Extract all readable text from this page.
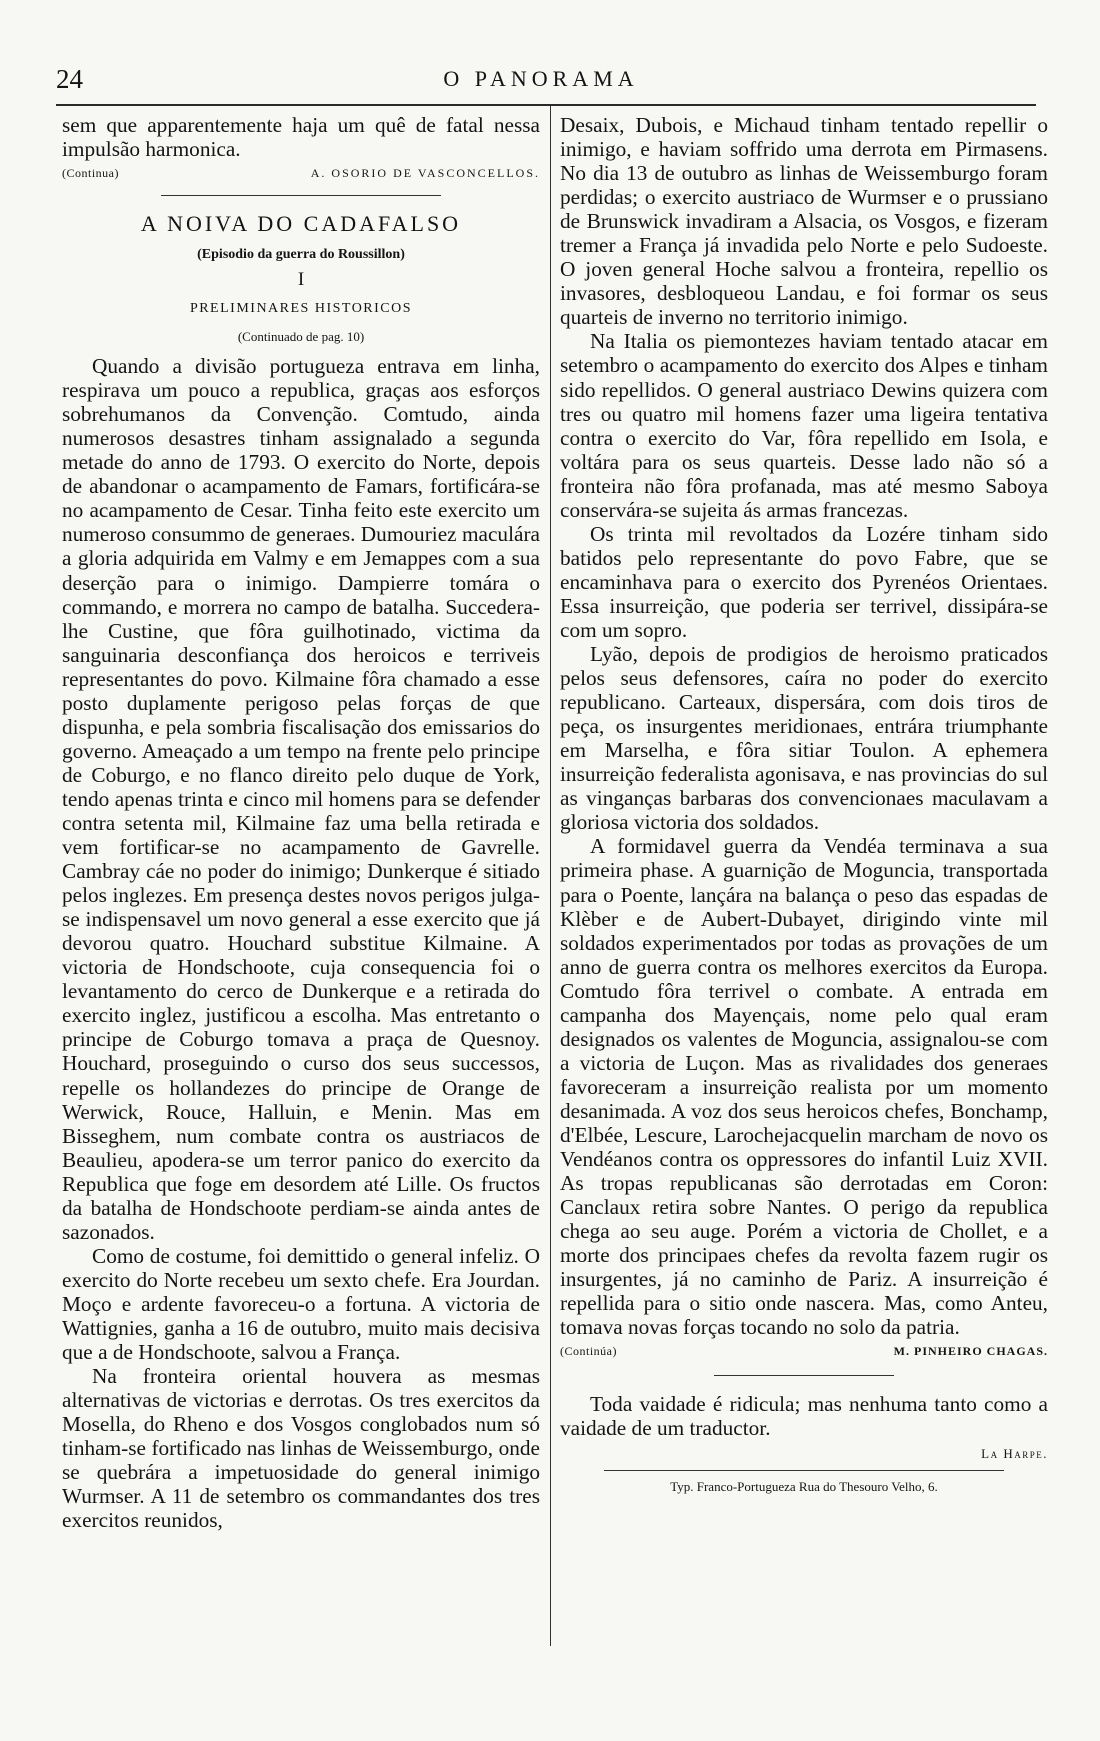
24	O PANORAMA

sem que apparentemente haja um quê de fatal nessa impulsão harmonica.

(Continua)	A. OSORIO DE VASCONCELLOS.
A NOIVA DO CADAFALSO
(Episodio da guerra do Roussillon)
I
PRELIMINARES HISTORICOS
(Continuado de pag. 10)

Quando a divisão portugueza entrava em linha, respirava um pouco a republica, graças aos esforços sobrehumanos da Convenção. Comtudo, ainda numerosos desastres tinham assignalado a segunda metade do anno de 1793. O exercito do Norte, depois de abandonar o acampamento de Famars, fortificára-se no acampamento de Cesar. Tinha feito este exercito um numeroso consummo de generaes. Dumouriez maculára a gloria adquirida em Valmy e em Jemappes com a sua deserção para o inimigo. Dampierre tomára o commando, e morrera no campo de batalha. Succedera-lhe Custine, que fôra guilhotinado, victima da sanguinaria desconfiança dos heroicos e terriveis representantes do povo. Kilmaine fôra chamado a esse posto duplamente perigoso pelas forças de que dispunha, e pela sombria fiscalisação dos emissarios do governo. Ameaçado a um tempo na frente pelo principe de Coburgo, e no flanco direito pelo duque de York, tendo apenas trinta e cinco mil homens para se defender contra setenta mil, Kilmaine faz uma bella retirada e vem fortificar-se no acampamento de Gavrelle. Cambray cáe no poder do inimigo; Dunkerque é sitiado pelos inglezes. Em presença destes novos perigos julga-se indispensavel um novo general a esse exercito que já devorou quatro. Houchard substitue Kilmaine. A victoria de Hondschoote, cuja consequencia foi o levantamento do cerco de Dunkerque e a retirada do exercito inglez, justificou a escolha. Mas entretanto o principe de Coburgo tomava a praça de Quesnoy. Houchard, proseguindo o curso dos seus successos, repelle os hollandezes do principe de Orange de Werwick, Rouce, Halluin, e Menin. Mas em Bisseghem, num combate contra os austriacos de Beaulieu, apodera-se um terror panico do exercito da Republica que foge em desordem até Lille. Os fructos da batalha de Hondschoote perdiam-se ainda antes de sazonados.

Como de costume, foi demittido o general infeliz. O exercito do Norte recebeu um sexto chefe. Era Jourdan. Moço e ardente favoreceu-o a fortuna. A victoria de Wattignies, ganha a 16 de outubro, muito mais decisiva que a de Hondschoote, salvou a França.

Na fronteira oriental houvera as mesmas alternativas de victorias e derrotas. Os tres exercitos da Mosella, do Rheno e dos Vosgos conglobados num só tinham-se fortificado nas linhas de Weissemburgo, onde se quebrára a impetuosidade do general inimigo Wurmser. A 11 de setembro os commandantes dos tres exercitos reunidos,

Desaix, Dubois, e Michaud tinham tentado repellir o inimigo, e haviam soffrido uma derrota em Pirmasens. No dia 13 de outubro as linhas de Weissemburgo foram perdidas; o exercito austriaco de Wurmser e o prussiano de Brunswick invadiram a Alsacia, os Vosgos, e fizeram tremer a França já invadida pelo Norte e pelo Sudoeste. O joven general Hoche salvou a fronteira, repellio os invasores, desbloqueou Landau, e foi formar os seus quarteis de inverno no territorio inimigo.

Na Italia os piemontezes haviam tentado atacar em setembro o acampamento do exercito dos Alpes e tinham sido repellidos. O general austriaco Dewins quizera com tres ou quatro mil homens fazer uma ligeira tentativa contra o exercito do Var, fôra repellido em Isola, e voltára para os seus quarteis. Desse lado não só a fronteira não fôra profanada, mas até mesmo Saboya conservára-se sujeita ás armas francezas.

Os trinta mil revoltados da Lozére tinham sido batidos pelo representante do povo Fabre, que se encaminhava para o exercito dos Pyrenéos Orientaes. Essa insurreição, que poderia ser terrivel, dissipára-se com um sopro.

Lyão, depois de prodigios de heroismo praticados pelos seus defensores, caíra no poder do exercito republicano. Carteaux, dispersára, com dois tiros de peça, os insurgentes meridionaes, entrára triumphante em Marselha, e fôra sitiar Toulon. A ephemera insurreição federalista agonisava, e nas provincias do sul as vinganças barbaras dos convencionaes maculavam a gloriosa victoria dos soldados.

A formidavel guerra da Vendéa terminava a sua primeira phase. A guarnição de Moguncia, transportada para o Poente, lançára na balança o peso das espadas de Klèber e de Aubert-Dubayet, dirigindo vinte mil soldados experimentados por todas as provações de um anno de guerra contra os melhores exercitos da Europa. Comtudo fôra terrivel o combate. A entrada em campanha dos Mayençais, nome pelo qual eram designados os valentes de Moguncia, assignalou-se com a victoria de Luçon. Mas as rivalidades dos generaes favoreceram a insurreição realista por um momento desanimada. A voz dos seus heroicos chefes, Bonchamp, d'Elbée, Lescure, Larochejacquelin marcham de novo os Vendéanos contra os oppressores do infantil Luiz XVII. As tropas republicanas são derrotadas em Coron: Canclaux retira sobre Nantes. O perigo da republica chega ao seu auge. Porém a victoria de Chollet, e a morte dos principaes chefes da revolta fazem rugir os insurgentes, já no caminho de Pariz. A insurreição é repellida para o sitio onde nascera. Mas, como Anteu, tomava novas forças tocando no solo da patria.

(Continúa)	M. PINHEIRO CHAGAS.

Toda vaidade é ridicula; mas nenhuma tanto como a vaidade de um traductor.

La Harpe.
Typ. Franco-Portugueza Rua do Thesouro Velho, 6.
